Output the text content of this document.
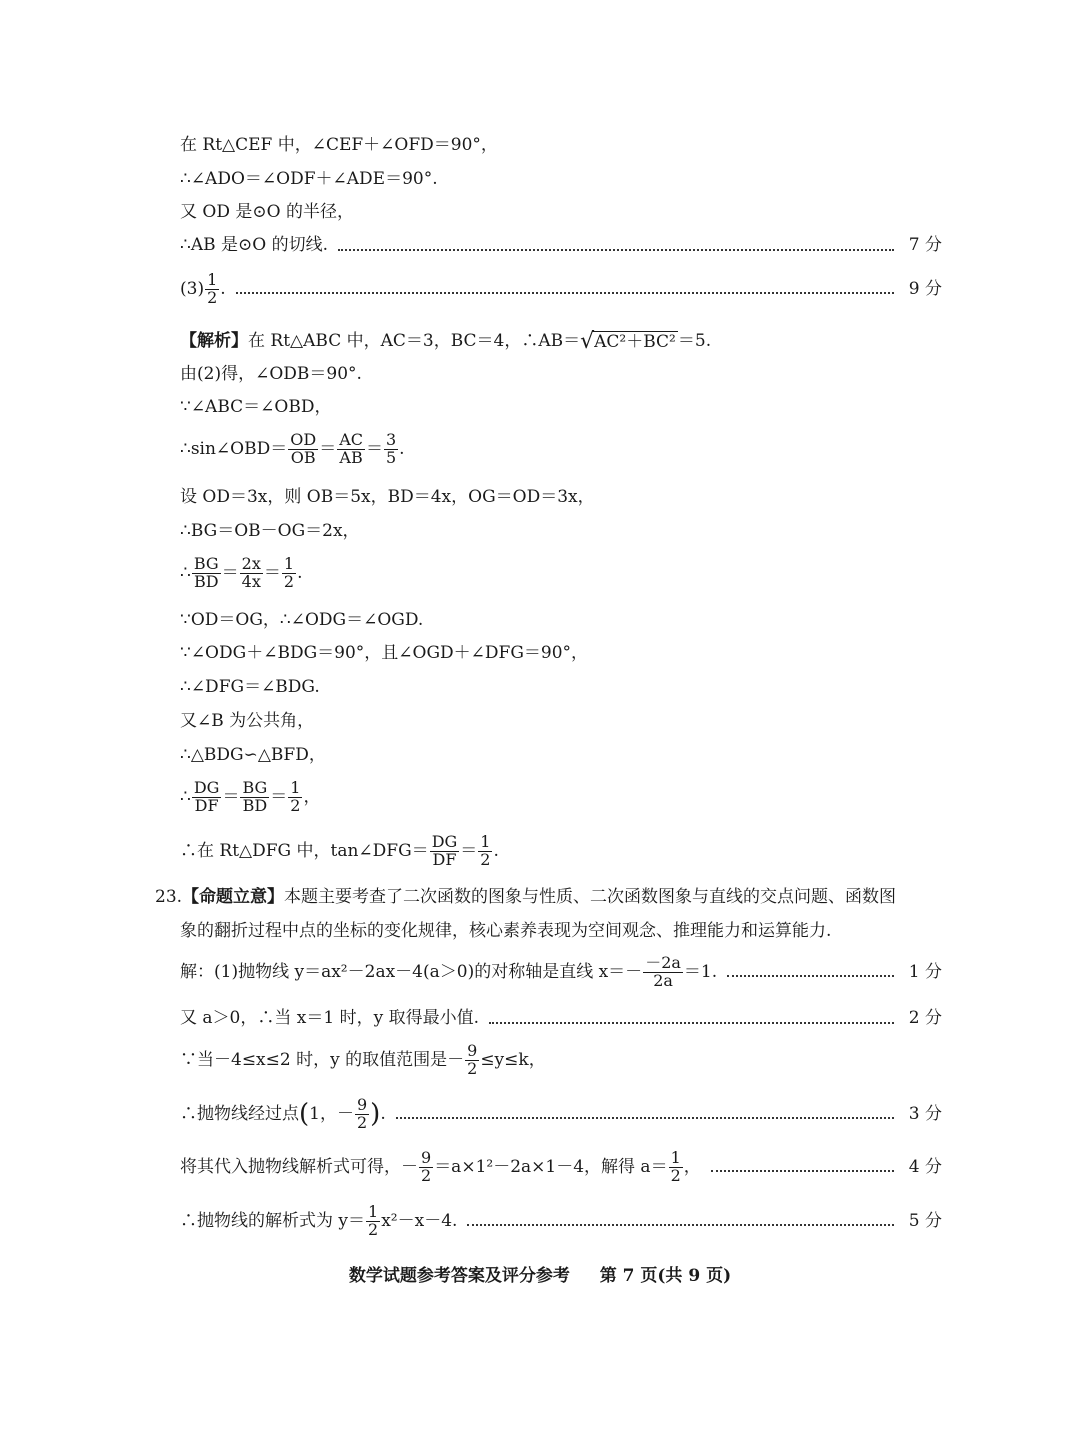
在 Rt△CEF 中，∠CEF＋∠OFD＝90°，
∴∠ADO＝∠ODF＋∠ADE＝90°.
又 OD 是⊙O 的半径，
∴AB 是⊙O 的切线.	7 分
$(3) \frac{1}{2}$ .	9 分
【解析】 在 Rt△ABC 中，AC＝3，BC＝4，∴AB＝ √ AC²＋BC² ＝5.
由(2)得，∠ODB＝90°.
∵∠ABC＝∠OBD，
∴sin∠OBD＝ $\frac{OD}{OB} = \frac{AC}{AB} = \frac{3}{5}$ .
设 OD＝3x，则 OB＝5x，BD＝4x，OG＝OD＝3x，
∴BG＝OB－OG＝2x，
∴ $\frac{BG}{BD} = \frac{2x}{4x} = \frac{1}{2}$ .
∵OD＝OG，∴∠ODG＝∠OGD.
∵∠ODG＋∠BDG＝90°，且∠OGD＋∠DFG＝90°，
∴∠DFG＝∠BDG.
又∠B 为公共角，
∴△BDG∽△BFD，
∴ $\frac{DG}{DF} = \frac{BG}{BD} = \frac{1}{2}$ ，
∴在 Rt△DFG 中，tan∠DFG＝ $\frac{DG}{DF} = \frac{1}{2}$ .
23. 【命题立意】 本题主要考查了二次函数的图象与性质、二次函数图象与直线的交点问题、函数图
象的翻折过程中点的坐标的变化规律，核心素养表现为空间观念、推理能力和运算能力.
解：(1)抛物线 y＝ax²－2ax－4(a＞0)的对称轴是直线 $x=- \frac{-2a}{2a} =1$.	1 分
又 a＞0，∴当 x＝1 时，y 取得最小值.	2 分
∵当－4≤x≤2 时，y 的取值范围是－ $\frac{9}{2} \le y\le k$，
∴抛物线经过点 ( 1，－ $\frac{9}{2}$ ) .	3 分
将其代入抛物线解析式可得，－ $\frac{9}{2} =a\times 1^2-2a\times 1-4$，解得 $a= \frac{1}{2}$ ，	4 分
∴抛物线的解析式为 $y= \frac{1}{2} x^2-x-4$.	5 分
数学试题参考答案及评分参考 第 7 页(共 9 页)
